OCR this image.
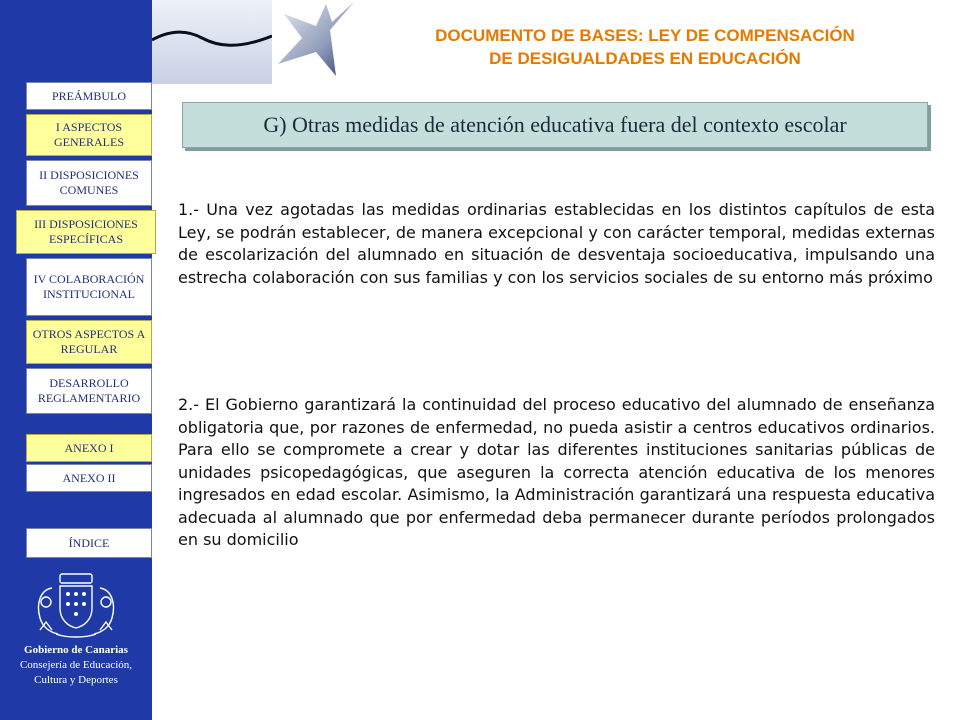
DOCUMENTO DE BASES: LEY DE COMPENSACIÓN
DE DESIGUALDADES EN EDUCACIÓN
PREÁMBULO
I ASPECTOS GENERALES
II DISPOSICIONES COMUNES
III DISPOSICIONES ESPECÍFICAS
IV COLABORACIÓN INSTITUCIONAL
OTROS ASPECTOS A REGULAR
DESARROLLO REGLAMENTARIO
ANEXO I
ANEXO II
ÍNDICE
Gobierno de Canarias
Consejería de Educación,
Cultura y Deportes
G) Otras medidas de atención educativa fuera del contexto escolar

1.- Una vez agotadas las medidas ordinarias establecidas en los distintos capítulos de esta Ley, se podrán establecer, de manera excepcional y con carácter temporal, medidas externas de escolarización del alumnado en situación de desventaja socioeducativa, impulsando una estrecha colaboración con sus familias y con los servicios sociales de su entorno más próximo

2.- El Gobierno garantizará la continuidad del proceso educativo del alumnado de enseñanza obligatoria que, por razones de enfermedad, no pueda asistir a centros educativos ordinarios. Para ello se compromete a crear y dotar las diferentes instituciones sanitarias públicas de unidades psicopedagógicas, que aseguren la correcta atención educativa de los menores ingresados en edad escolar. Asimismo, la Administración garantizará una respuesta educativa adecuada al alumnado que por enfermedad deba permanecer durante períodos prolongados en su domicilio
